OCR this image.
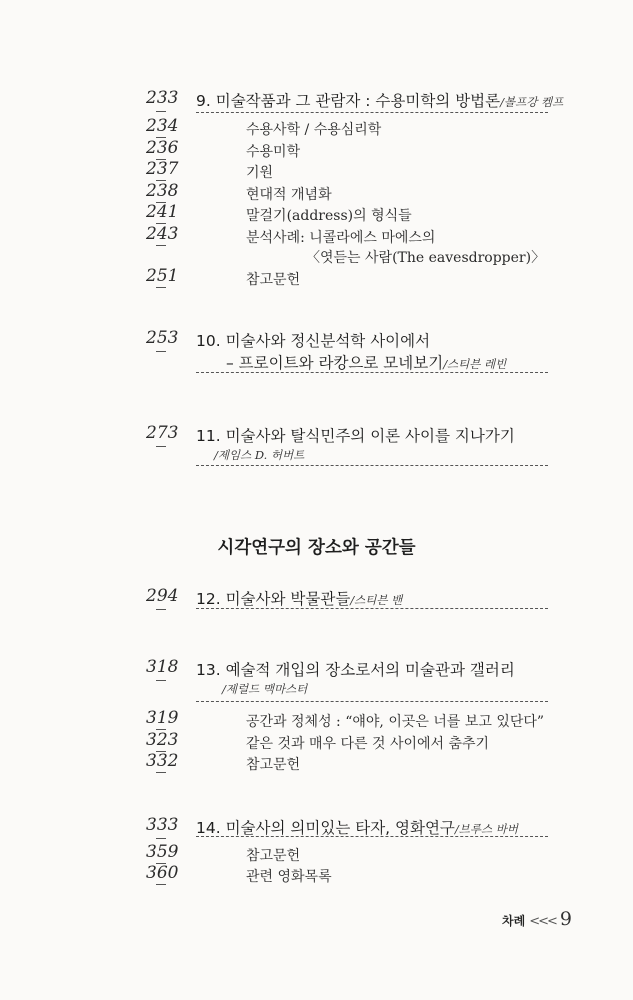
233 9. 미술작품과 그 관람자 : 수용미학의 방법론/볼프강 켐프
234	수용사학 / 수용심리학
236	수용미학
237	기원
238	현대적 개념화
241	말걸기(address)의 형식들
243	분석사례: 니콜라에스 마에스의
〈엿듣는 사람(The eavesdropper)〉
251	참고문헌
253 10. 미술사와 정신분석학 사이에서
– 프로이트와 라캉으로 모네보기/스티븐 레빈
273 11. 미술사와 탈식민주의 이론 사이를 지나가기
/제임스 D. 허버트
시각연구의 장소와 공간들
294 12. 미술사와 박물관들/스티븐 밴
318 13. 예술적 개입의 장소로서의 미술관과 갤러리
/제럴드 맥마스터
319	공간과 정체성 : “얘야, 이곳은 너를 보고 있단다”
323	같은 것과 매우 다른 것 사이에서 춤추기
332	참고문헌
333 14. 미술사의 의미있는 타자, 영화연구/브루스 바버
359	참고문헌
360	관련 영화목록
차례 <<< 9
